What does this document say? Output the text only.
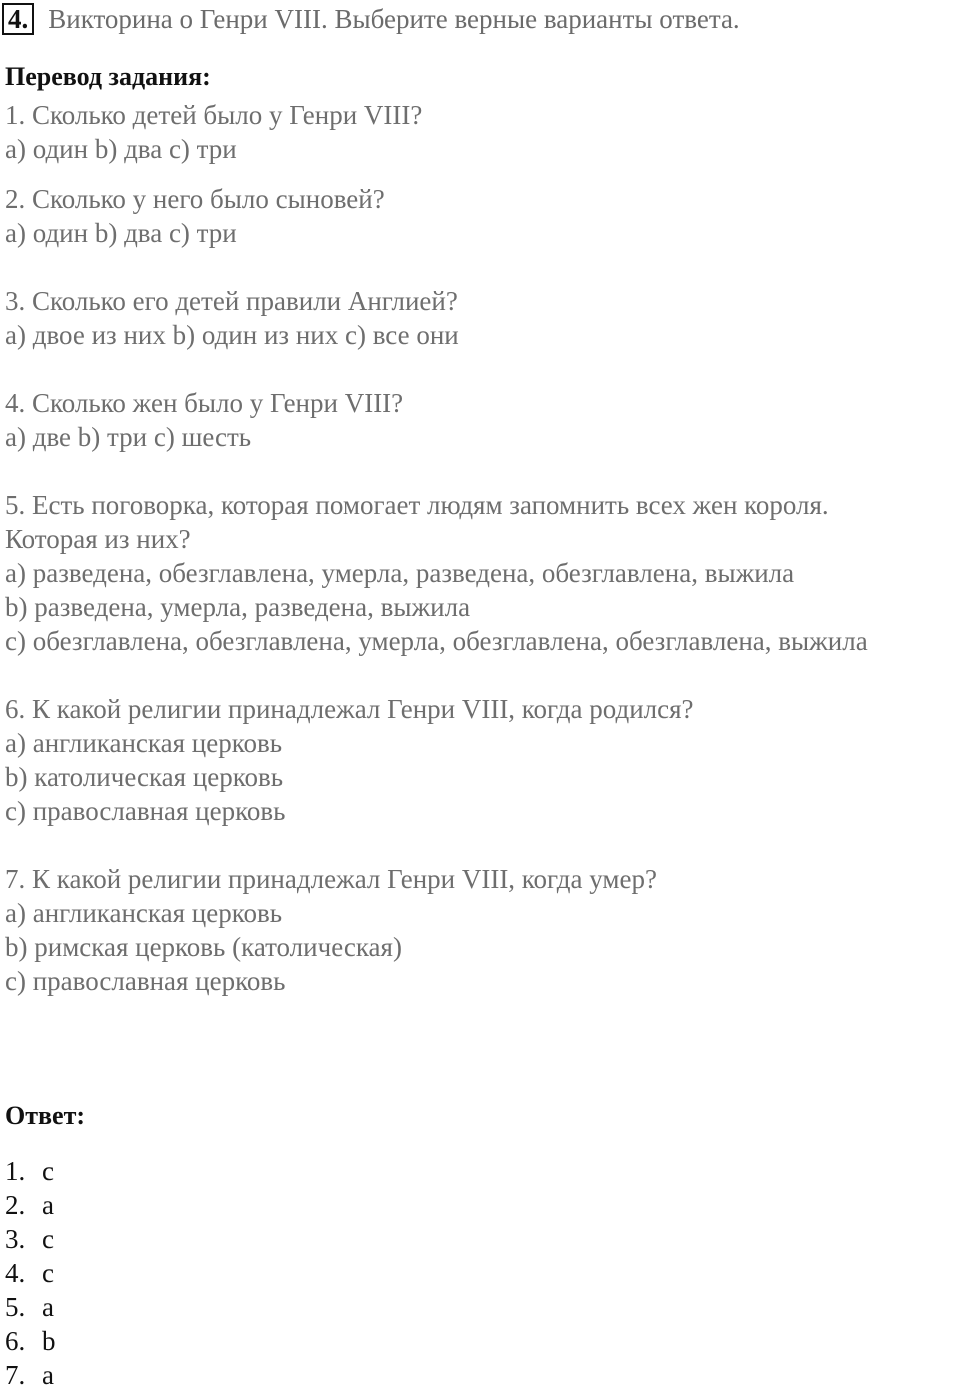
4. Викторина о Генри VIII. Выберите верные варианты ответа.
Перевод задания:
1. Сколько детей было у Генри VIII?
а) один b) два c) три
2. Сколько у него было сыновей?
а) один b) два c) три
3. Сколько его детей правили Англией?
а) двое из них b) один из них c) все они
4. Сколько жен было у Генри VIII?
а) две b) три c) шесть
5. Есть поговорка, которая помогает людям запомнить всех жен короля.
Которая из них?
а) разведена, обезглавлена, умерла, разведена, обезглавлена, выжила
b) разведена, умерла, разведена, выжила
c) обезглавлена, обезглавлена, умерла, обезглавлена, обезглавлена, выжила
6. К какой религии принадлежал Генри VIII, когда родился?
а) англиканская церковь
b) католическая церковь
c) православная церковь
7. К какой религии принадлежал Генри VIII, когда умер?
а) англиканская церковь
b) римская церковь (католическая)
c) православная церковь
Ответ:
1. c
2. a
3. c
4. c
5. a
6. b
7. a
